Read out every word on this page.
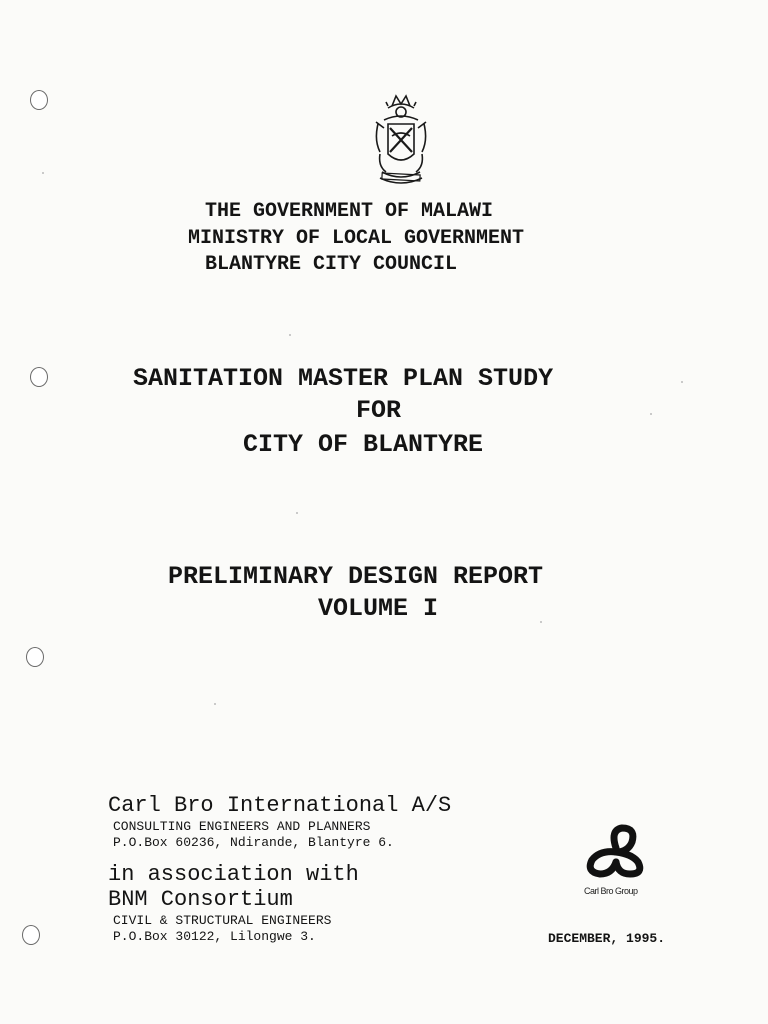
THE GOVERNMENT OF MALAWI
MINISTRY OF LOCAL GOVERNMENT
BLANTYRE CITY COUNCIL
SANITATION MASTER PLAN STUDY
FOR
CITY OF BLANTYRE
PRELIMINARY DESIGN REPORT
VOLUME I
Carl Bro International A/S
CONSULTING ENGINEERS AND PLANNERS
P.O.Box 60236, Ndirande, Blantyre 6.
in association with
BNM Consortium
CIVIL & STRUCTURAL ENGINEERS
P.O.Box 30122, Lilongwe 3.
Carl Bro Group
DECEMBER, 1995.
